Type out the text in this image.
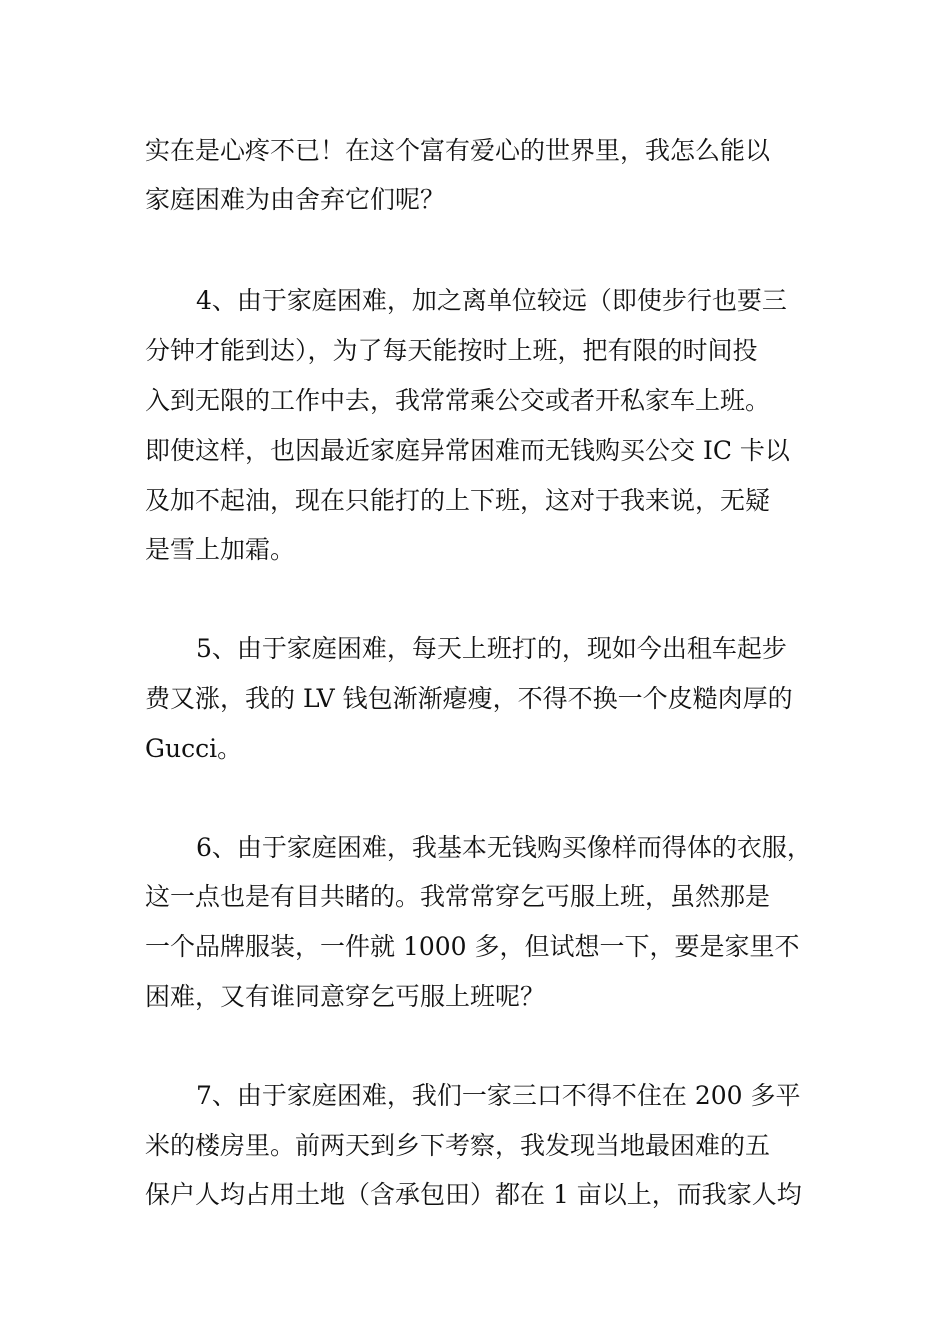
实在是心疼不已！在这个富有爱心的世界里，我怎么能以
家庭困难为由舍弃它们呢？
4、由于家庭困难，加之离单位较远（即使步行也要三
分钟才能到达），为了每天能按时上班，把有限的时间投
入到无限的工作中去，我常常乘公交或者开私家车上班。
即使这样，也因最近家庭异常困难而无钱购买公交 IC 卡以
及加不起油，现在只能打的上下班，这对于我来说，无疑
是雪上加霜。
5、由于家庭困难，每天上班打的，现如今出租车起步
费又涨，我的 LV 钱包渐渐瘪瘦，不得不换一个皮糙肉厚的
Gucci。
6、由于家庭困难，我基本无钱购买像样而得体的衣服，
这一点也是有目共睹的。我常常穿乞丐服上班，虽然那是
一个品牌服装，一件就 1000 多，但试想一下，要是家里不
困难，又有谁同意穿乞丐服上班呢？
7、由于家庭困难，我们一家三口不得不住在 200 多平
米的楼房里。前两天到乡下考察，我发现当地最困难的五
保户人均占用土地（含承包田）都在 1 亩以上，而我家人均
